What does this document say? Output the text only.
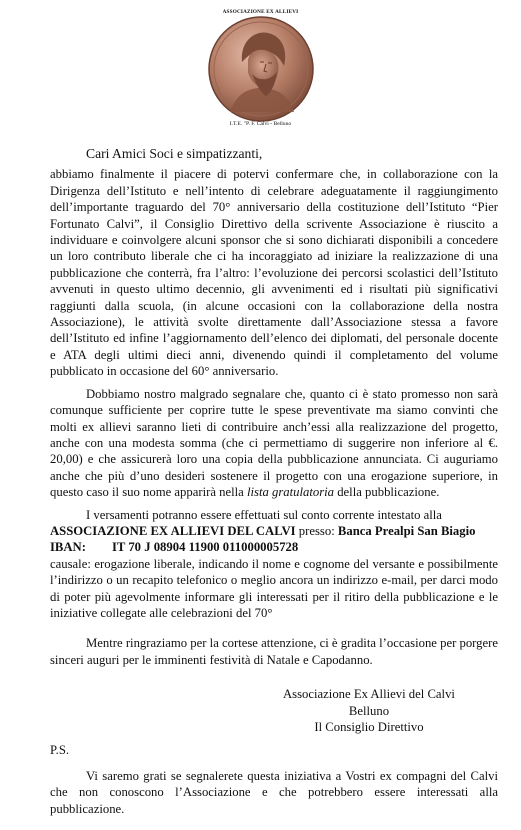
ASSOCIAZIONE EX ALLIEVI
I.T.E. "P. F. Calvi - Belluno

Cari Amici Soci e simpatizzanti,

abbiamo finalmente il piacere di potervi confermare che, in collaborazione con la Dirigenza dell’Istituto e nell’intento di celebrare adeguatamente il raggiungimento dell’importante traguardo del 70° anniversario della costituzione dell’Istituto “Pier Fortunato Calvi”, il Consiglio Direttivo della scrivente Associazione è riuscito a individuare e coinvolgere alcuni sponsor che si sono dichiarati disponibili a concedere un loro contributo liberale che ci ha incoraggiato ad iniziare la realizzazione di una pubblicazione che conterrà, fra l’altro: l’evoluzione dei percorsi scolastici dell’Istituto avvenuti in questo ultimo decennio, gli avvenimenti ed i risultati più significativi raggiunti dalla scuola, (in alcune occasioni con la collaborazione della nostra Associazione), le attività svolte direttamente dall’Associazione stessa a favore dell’Istituto ed infine l’aggiornamento dell’elenco dei diplomati, del personale docente e ATA degli ultimi dieci anni, divenendo quindi il completamento del volume pubblicato in occasione del 60° anniversario.

Dobbiamo nostro malgrado segnalare che, quanto ci è stato promesso non sarà comunque sufficiente per coprire tutte le spese preventivate ma siamo convinti che molti ex allievi saranno lieti di contribuire anch’essi alla realizzazione del progetto, anche con una modesta somma (che ci permettiamo di suggerire non inferiore al €. 20,00) e che assicurerà loro una copia della pubblicazione annunciata. Ci auguriamo anche che più d’uno desideri sostenere il progetto con una erogazione superiore, in questo caso il suo nome apparirà nella lista gratulatoria della pubblicazione.

I versamenti potranno essere effettuati sul conto corrente intestato alla

ASSOCIAZIONE EX ALLIEVI DEL CALVI presso: Banca Prealpi San Biagio

IBAN:	IT 70 J 08904 11900 011000005728

causale: erogazione liberale, indicando il nome e cognome del versante e possibilmente l’indirizzo o un recapito telefonico o meglio ancora un indirizzo e-mail, per darci modo di poter più agevolmente informare gli interessati per il ritiro della pubblicazione e le iniziative collegate alle celebrazioni del 70°

Mentre ringraziamo per la cortese attenzione, ci è gradita l’occasione per porgere sinceri auguri per le imminenti festività di Natale e Capodanno.

Associazione Ex Allievi del Calvi
Belluno
Il Consiglio Direttivo
P.S.

Vi saremo grati se segnalerete questa iniziativa a Vostri ex compagni del Calvi che non conoscono l’Associazione e che potrebbero essere interessati alla pubblicazione.
